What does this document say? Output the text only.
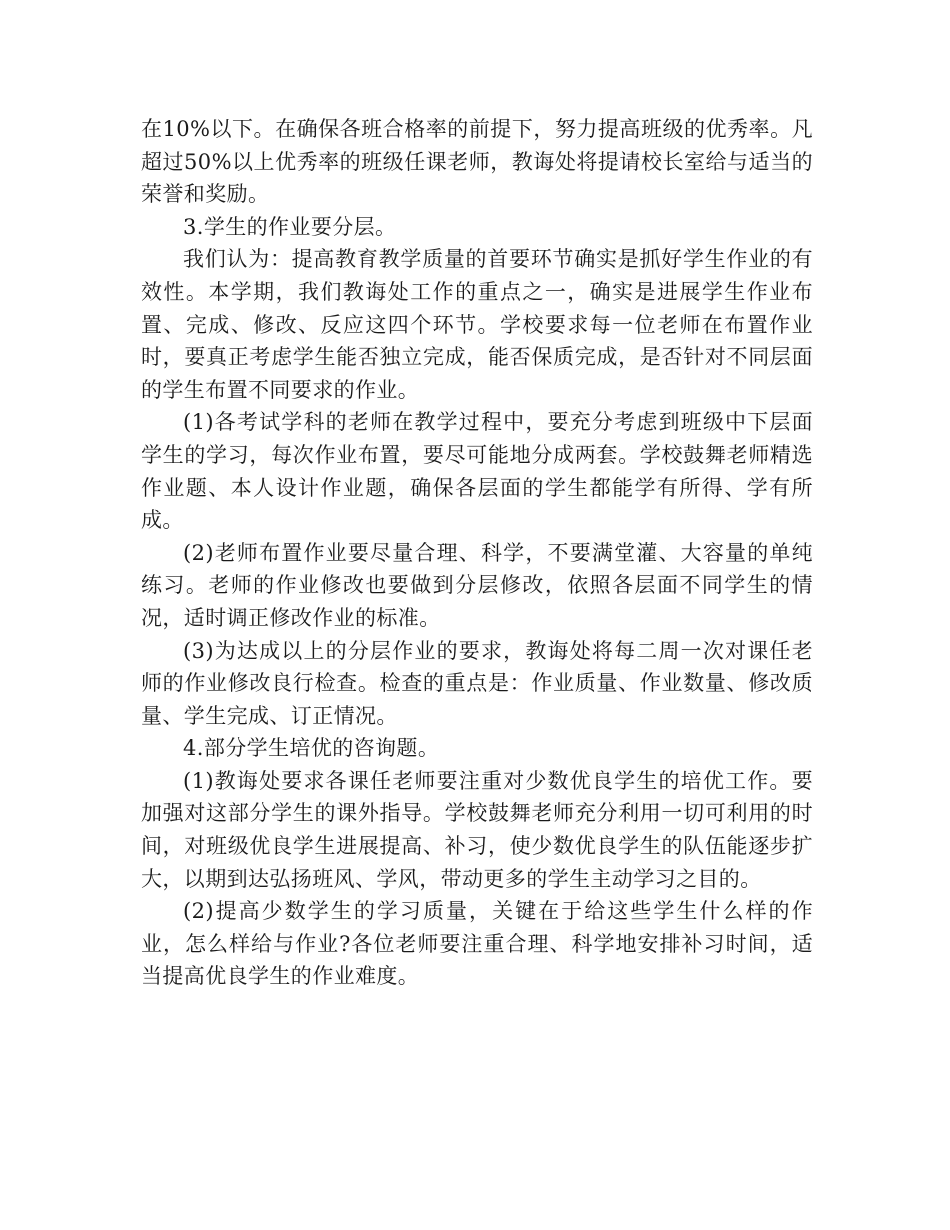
在10%以下。在确保各班合格率的前提下，努力提高班级的优秀率。凡超过50%以上优秀率的班级任课老师，教诲处将提请校长室给与适当的荣誉和奖励。

3.学生的作业要分层。

我们认为：提高教育教学质量的首要环节确实是抓好学生作业的有效性。本学期，我们教诲处工作的重点之一，确实是进展学生作业布置、完成、修改、反应这四个环节。学校要求每一位老师在布置作业时，要真正考虑学生能否独立完成，能否保质完成，是否针对不同层面的学生布置不同要求的作业。

(1)各考试学科的老师在教学过程中，要充分考虑到班级中下层面学生的学习，每次作业布置，要尽可能地分成两套。学校鼓舞老师精选作业题、本人设计作业题，确保各层面的学生都能学有所得、学有所成。

(2)老师布置作业要尽量合理、科学，不要满堂灌、大容量的单纯练习。老师的作业修改也要做到分层修改，依照各层面不同学生的情况，适时调正修改作业的标准。

(3)为达成以上的分层作业的要求，教诲处将每二周一次对课任老师的作业修改良行检查。检查的重点是：作业质量、作业数量、修改质量、学生完成、订正情况。

4.部分学生培优的咨询题。

(1)教诲处要求各课任老师要注重对少数优良学生的培优工作。要加强对这部分学生的课外指导。学校鼓舞老师充分利用一切可利用的时间，对班级优良学生进展提高、补习，使少数优良学生的队伍能逐步扩大，以期到达弘扬班风、学风，带动更多的学生主动学习之目的。

(2)提高少数学生的学习质量，关键在于给这些学生什么样的作业，怎么样给与作业?各位老师要注重合理、科学地安排补习时间，适当提高优良学生的作业难度。
